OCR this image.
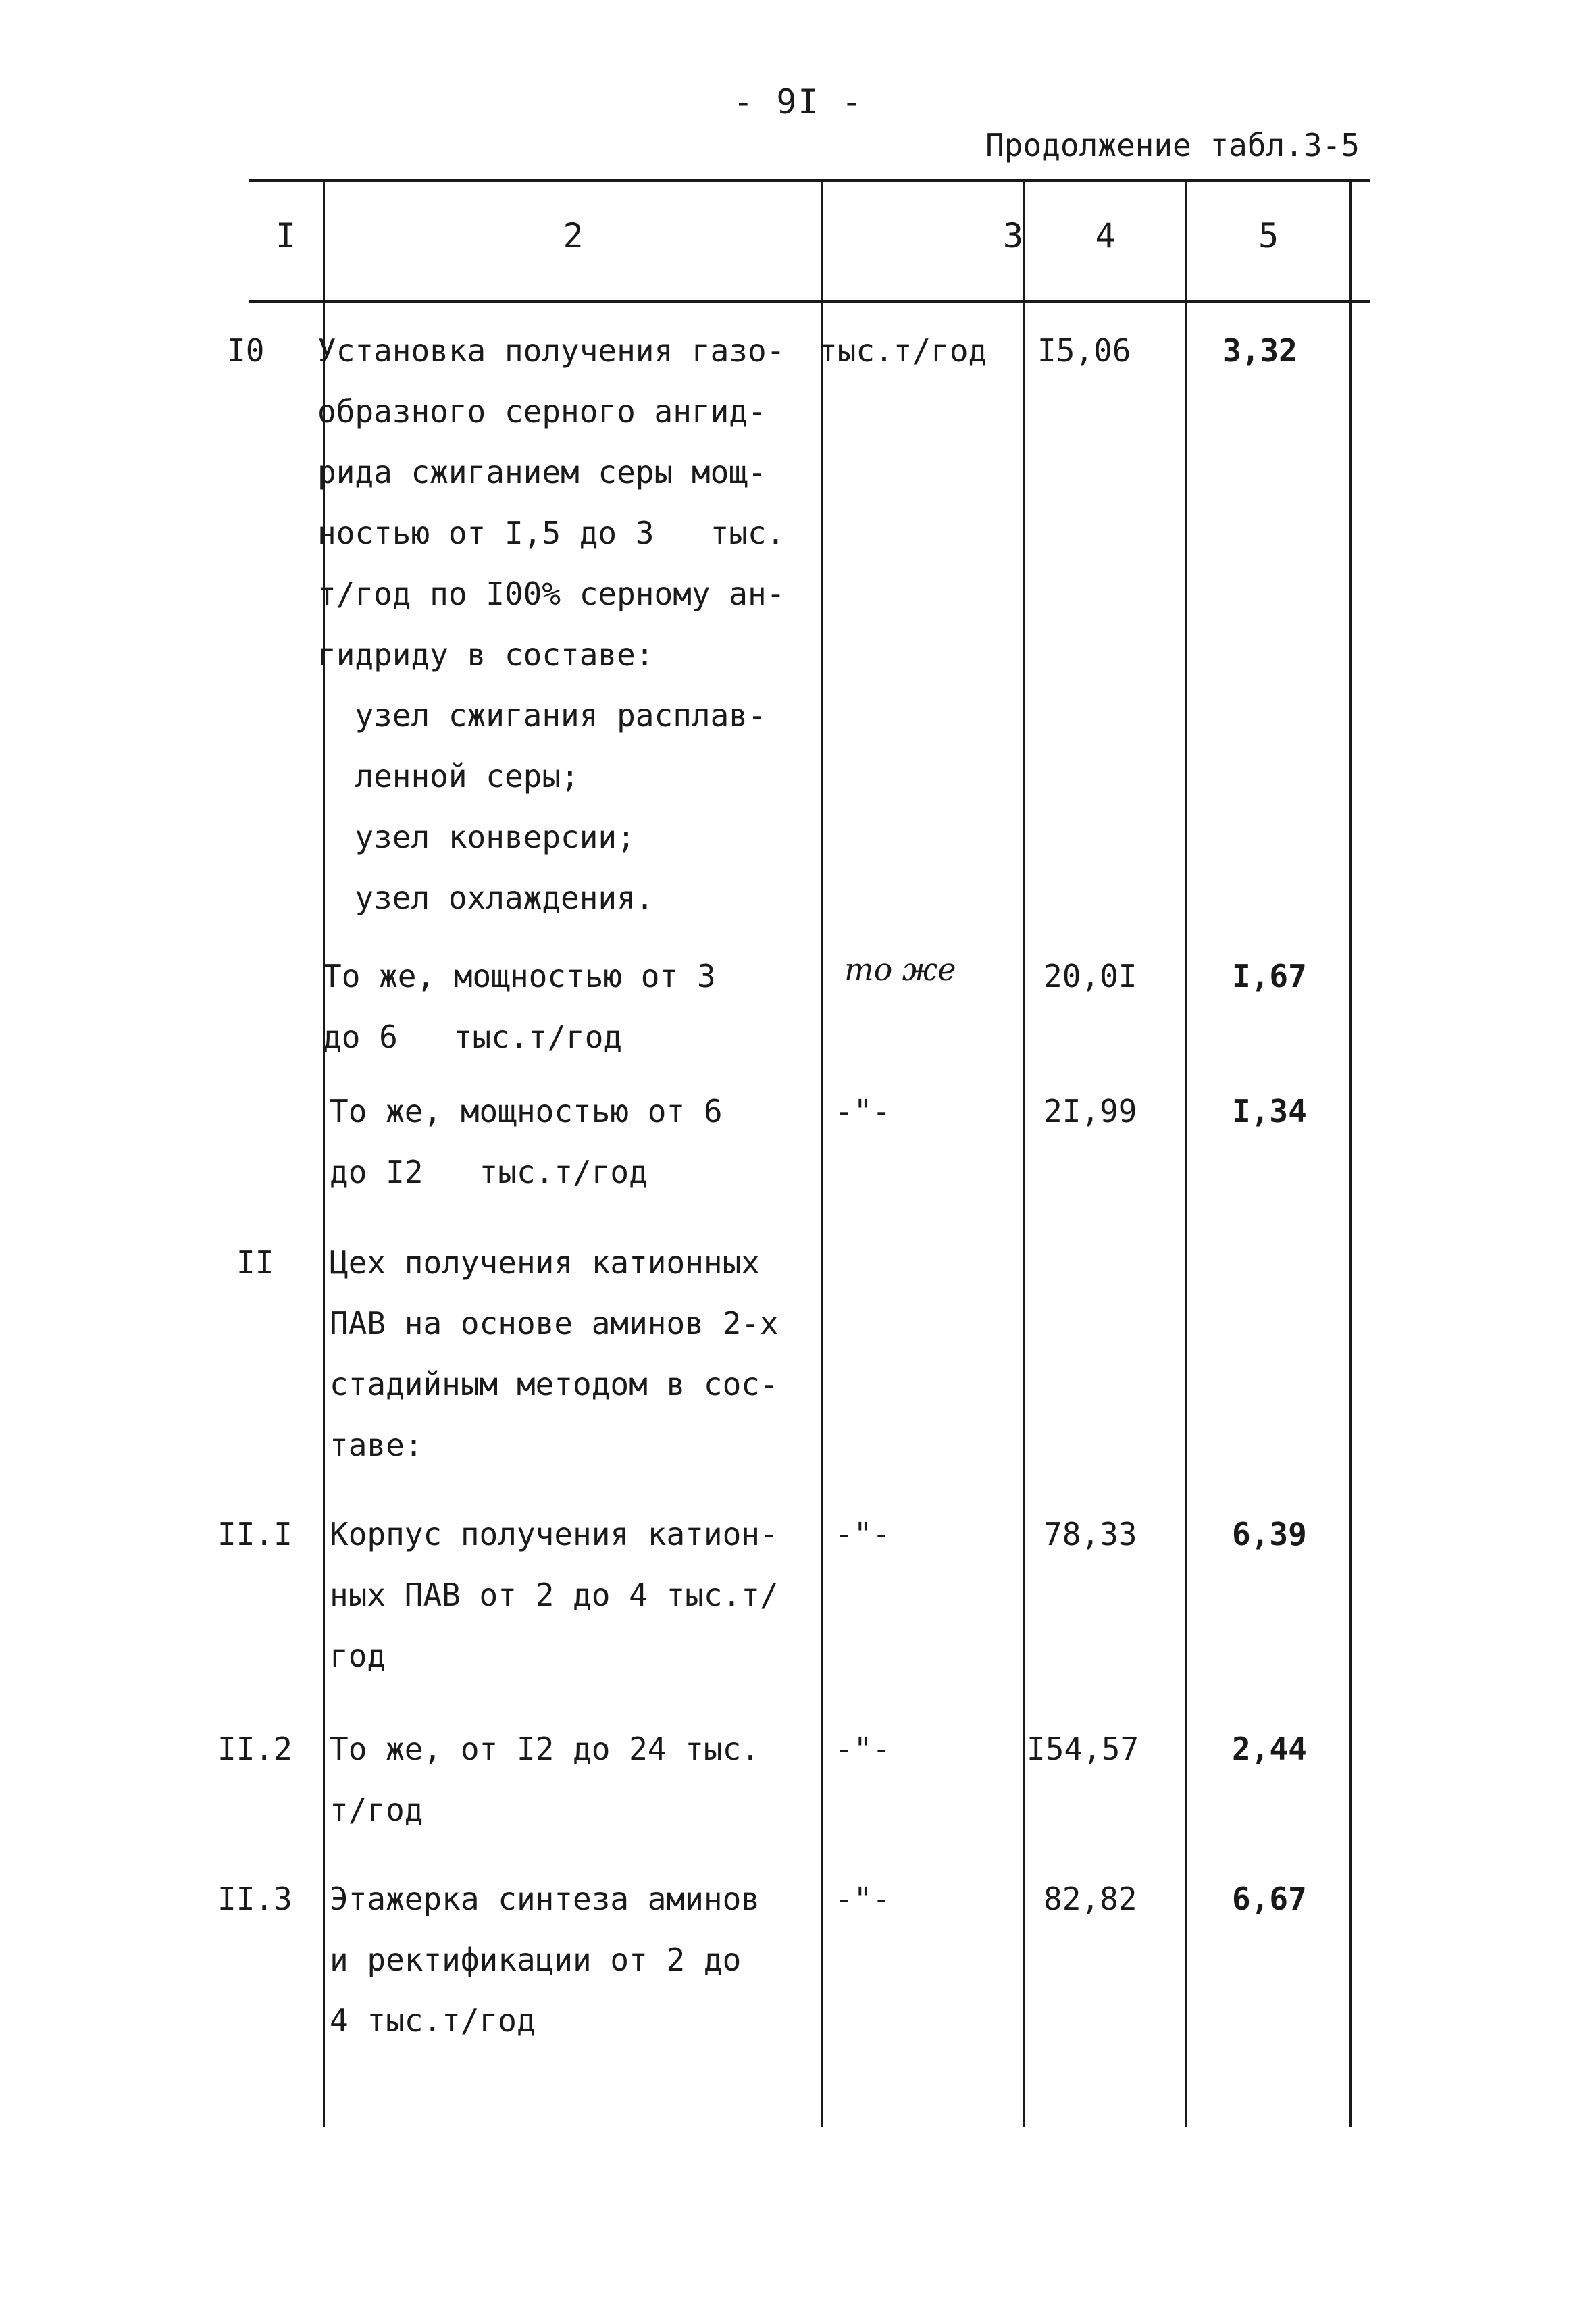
- 9I -
Продолжение табл.3-5
I	2	3	4	5
I0 Установка получения газо-
образного серного ангид-
рида сжиганием серы мощ-
ностью от I,5 до 3   тыс.
т/год по I00% серному ан-
гидриду в составе:
узел сжигания расплав-
ленной серы;
узел конверсии;
узел охлаждения.
тыс.т/год I5,06	3,32
То же, мощностью от 3
до 6   тыс.т/год
то же	20,0I	I,67
То же, мощностью от 6
до I2   тыс.т/год
-"-	2I,99	I,34
II Цех получения катионных
ПАВ на основе аминов 2-х
стадийным методом в сос-
таве:
II.I Корпус получения катион-
ных ПАВ от 2 до 4 тыс.т/
год
-"-	78,33	6,39
II.2 То же, от I2 до 24 тыс.
т/год
-"-	I54,57	2,44
II.3 Этажерка синтеза аминов
и ректификации от 2 до
4 тыс.т/год
-"-	82,82	6,67
